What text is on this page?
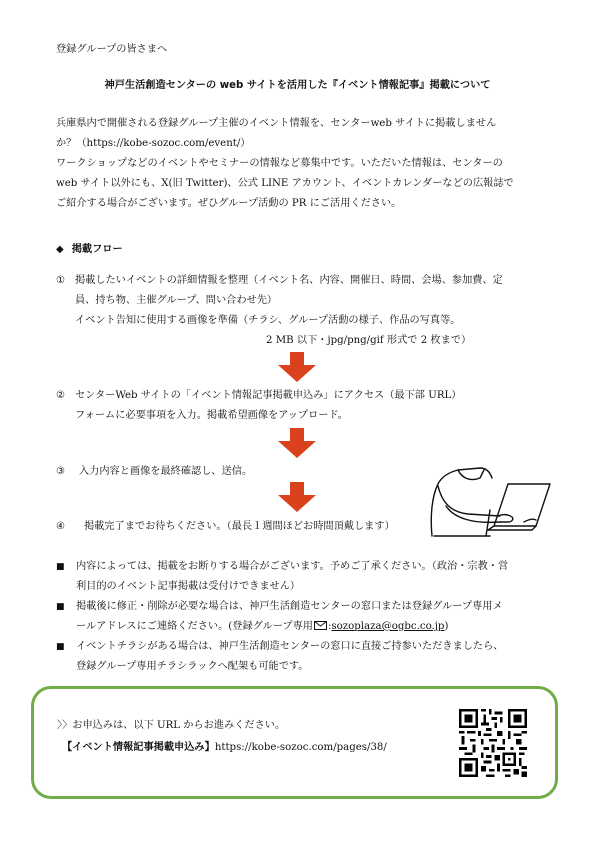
登録グループの皆さまへ
神戸生活創造センターの web サイトを活用した『イベント情報記事』掲載について
兵庫県内で開催される登録グループ主催のイベント情報を、センターweb サイトに掲載しません
か？（https://kobe-sozoc.com/event/）
ワークショップなどのイベントやセミナーの情報など募集中です。いただいた情報は、センターの
web サイト以外にも、X(旧 Twitter)、公式 LINE アカウント、イベントカレンダーなどの広報誌で
ご紹介する場合がございます。ぜひグループ活動の PR にご活用ください。
◆ 掲載フロー
① 掲載したいイベントの詳細情報を整理（イベント名、内容、開催日、時間、会場、参加費、定
員、持ち物、主催グループ、問い合わせ先）
イベント告知に使用する画像を準備（チラシ、グループ活動の様子、作品の写真等。
2 MB 以下・jpg/png/gif 形式で 2 枚まで）
② センターWeb サイトの「イベント情報記事掲載申込み」にアクセス（最下部 URL）
フォームに必要事項を入力。掲載希望画像をアップロード。
③ 入力内容と画像を最終確認し、送信。
④ 掲載完了までお待ちください。（最長１週間ほどお時間頂戴します）
■ 内容によっては、掲載をお断りする場合がございます。予めご了承ください。（政治・宗教・営
利目的のイベント記事掲載は受付けできません）
■ 掲載後に修正・削除が必要な場合は、神戸生活創造センターの窓口または登録グループ専用メ
ールアドレスにご連絡ください。(登録グループ専用 :sozoplaza@ogbc.co.jp)
■ イベントチラシがある場合は、神戸生活創造センターの窓口に直接ご持参いただきましたら、
登録グループ専用チラシラックへ配架も可能です。
〉〉お申込みは、以下 URL からお進みください。
【イベント情報記事掲載申込み】https://kobe-sozoc.com/pages/38/
